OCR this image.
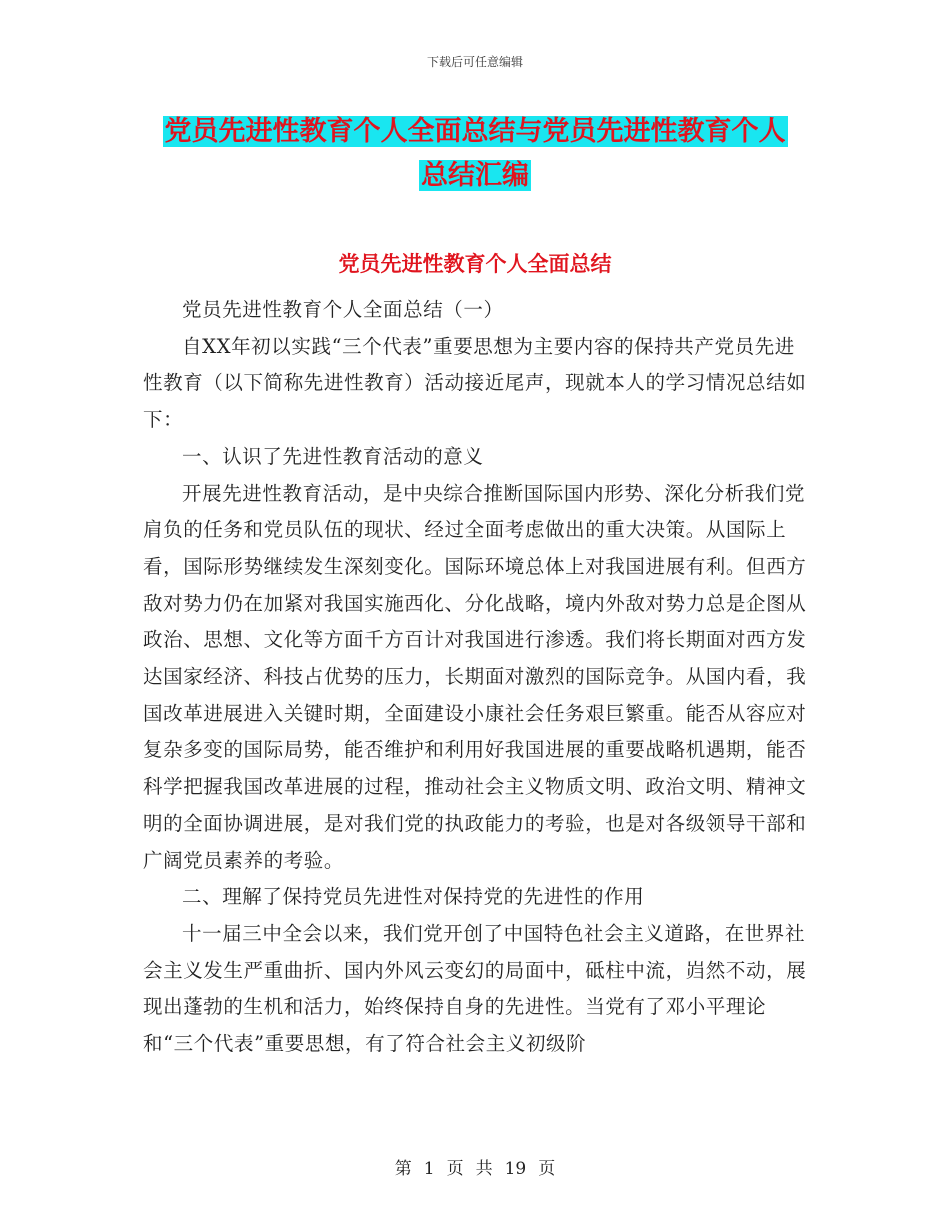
下载后可任意编辑
党员先进性教育个人全面总结与党员先进性教育个人
总结汇编
党员先进性教育个人全面总结

党员先进性教育个人全面总结（一）

自XX年初以实践“三个代表”重要思想为主要内容的保持共产党员先进性教育（以下简称先进性教育）活动接近尾声，现就本人的学习情况总结如下：

一、认识了先进性教育活动的意义

开展先进性教育活动，是中央综合推断国际国内形势、深化分析我们党肩负的任务和党员队伍的现状、经过全面考虑做出的重大决策。从国际上看，国际形势继续发生深刻变化。国际环境总体上对我国进展有利。但西方敌对势力仍在加紧对我国实施西化、分化战略，境内外敌对势力总是企图从政治、思想、文化等方面千方百计对我国进行渗透。我们将长期面对西方发达国家经济、科技占优势的压力，长期面对激烈的国际竞争。从国内看，我国改革进展进入关键时期，全面建设小康社会任务艰巨繁重。能否从容应对复杂多变的国际局势，能否维护和利用好我国进展的重要战略机遇期，能否科学把握我国改革进展的过程，推动社会主义物质文明、政治文明、精神文明的全面协调进展，是对我们党的执政能力的考验，也是对各级领导干部和广阔党员素养的考验。

二、理解了保持党员先进性对保持党的先进性的作用

十一届三中全会以来，我们党开创了中国特色社会主义道路，在世界社会主义发生严重曲折、国内外风云变幻的局面中，砥柱中流，岿然不动，展现出蓬勃的生机和活力，始终保持自身的先进性。当党有了邓小平理论和“三个代表”重要思想，有了符合社会主义初级阶

第 1 页 共 19 页
